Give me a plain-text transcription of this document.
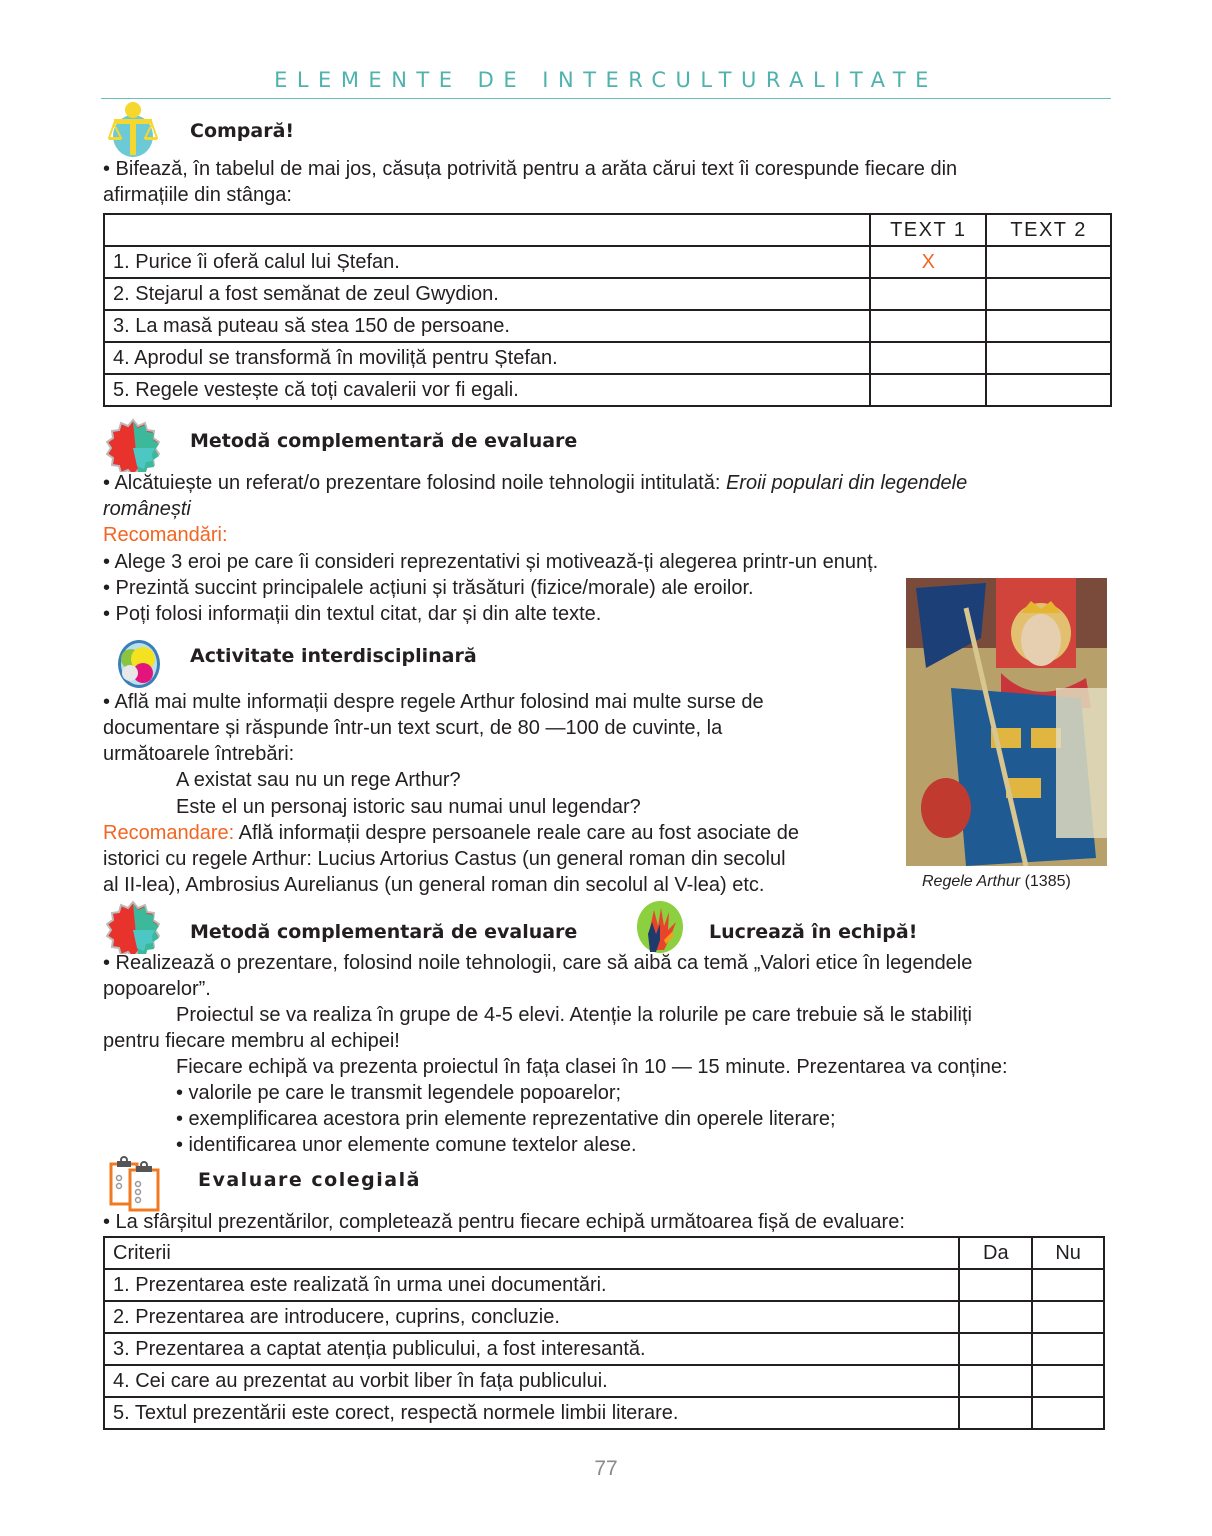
ELEMENTE DE INTERCULTURALITATE
Compară!
• Bifează, în tabelul de mai jos, căsuța potrivită pentru a arăta cărui text îi corespunde fiecare din
afirmațiile din stânga:
	TEXT 1	TEXT 2
1. Purice îi oferă calul lui Ștefan.	X	
2. Stejarul a fost semănat de zeul Gwydion.		
3. La masă puteau să stea 150 de persoane.		
4. Aprodul se transformă în moviliță pentru Ștefan.		
5. Regele vestește că toți cavalerii vor fi egali.		
Metodă complementară de evaluare
• Alcătuiește un referat/o prezentare folosind noile tehnologii intitulată: Eroii populari din legendele
românești
Recomandări:
• Alege 3 eroi pe care îi consideri reprezentativi și motivează-ți alegerea printr-un enunț.
• Prezintă succint principalele acțiuni și trăsături (fizice/morale) ale eroilor.
• Poți folosi informații din textul citat, dar și din alte texte.
Regele Arthur (1385)
Activitate interdisciplinară
• Află mai multe informații despre regele Arthur folosind mai multe surse de
documentare și răspunde într-un text scurt, de 80 —100 de cuvinte, la
următoarele întrebări:
A existat sau nu un rege Arthur?
Este el un personaj istoric sau numai unul legendar?
Recomandare: Află informații despre persoanele reale care au fost asociate de
istorici cu regele Arthur: Lucius Artorius Castus (un general roman din secolul
al II-lea), Ambrosius Aurelianus (un general roman din secolul al V-lea) etc.
Metodă complementară de evaluare	Lucrează în echipă!
• Realizează o prezentare, folosind noile tehnologii, care să aibă ca temă „Valori etice în legendele
popoarelor”.
Proiectul se va realiza în grupe de 4-5 elevi. Atenție la rolurile pe care trebuie să le stabiliți
pentru fiecare membru al echipei!
Fiecare echipă va prezenta proiectul în fața clasei în 10 — 15 minute. Prezentarea va conține:
• valorile pe care le transmit legendele popoarelor;
• exemplificarea acestora prin elemente reprezentative din operele literare;
• identificarea unor elemente comune textelor alese.
Evaluare colegială
• La sfârșitul prezentărilor, completează pentru fiecare echipă următoarea fișă de evaluare:
Criterii	Da	Nu
1. Prezentarea este realizată în urma unei documentări.		
2. Prezentarea are introducere, cuprins, concluzie.		
3. Prezentarea a captat atenția publicului, a fost interesantă.		
4. Cei care au prezentat au vorbit liber în fața publicului.		
5. Textul prezentării este corect, respectă normele limbii literare.		
77
